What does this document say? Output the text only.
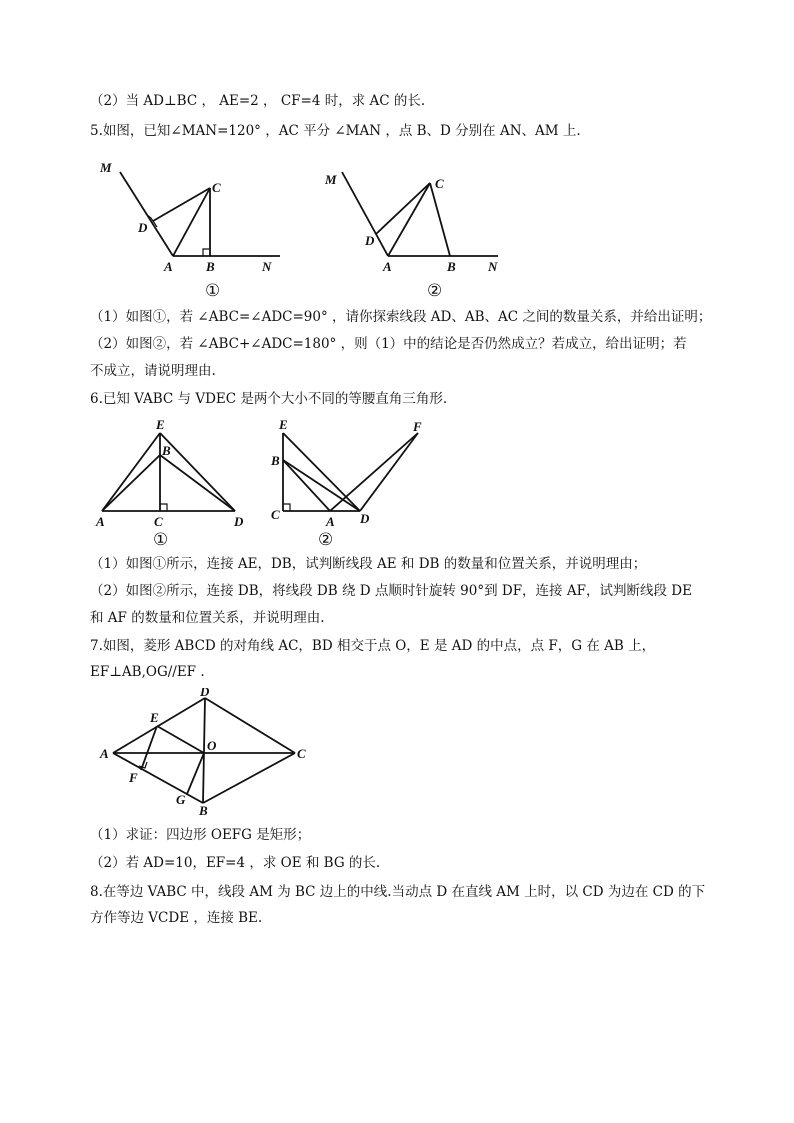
（2）当 AD⊥BC ， AE=2 ， CF=4 时，求 AC 的长.
5.如图，已知∠MAN=120° ，AC 平分 ∠MAN ，点 B、D 分别在 AN、AM 上.
M
C
D
A	B	N
①
M	C
D
A	B N
②
（1）如图①，若 ∠ABC=∠ADC=90° ，请你探索线段 AD、AB、AC 之间的数量关系，并给出证明；
（2）如图②，若 ∠ABC+∠ADC=180° ，则（1）中的结论是否仍然成立？若成立，给出证明；若
不成立，请说明理由.
6.已知 VABC 与 VDEC 是两个大小不同的等腰直角三角形.
E
B
A	C	D
①
E	F
B
C	A D
②
（1）如图①所示，连接 AE，DB，试判断线段 AE 和 DB 的数量和位置关系，并说明理由；
（2）如图②所示，连接 DB，将线段 DB 绕 D 点顺时针旋转 90°到 DF，连接 AF，试判断线段 DE
和 AF 的数量和位置关系，并说明理由.
7.如图，菱形 ABCD 的对角线 AC，BD 相交于点 O，E 是 AD 的中点，点 F，G 在 AB 上，
EF⊥AB,OG//EF .
D
E
A
O
C
F
G
B
（1）求证：四边形 OEFG 是矩形；
（2）若 AD=10，EF=4 ，求 OE 和 BG 的长.
8.在等边 VABC 中，线段 AM 为 BC 边上的中线.当动点 D 在直线 AM 上时，以 CD 为边在 CD 的下
方作等边 VCDE ，连接 BE.
